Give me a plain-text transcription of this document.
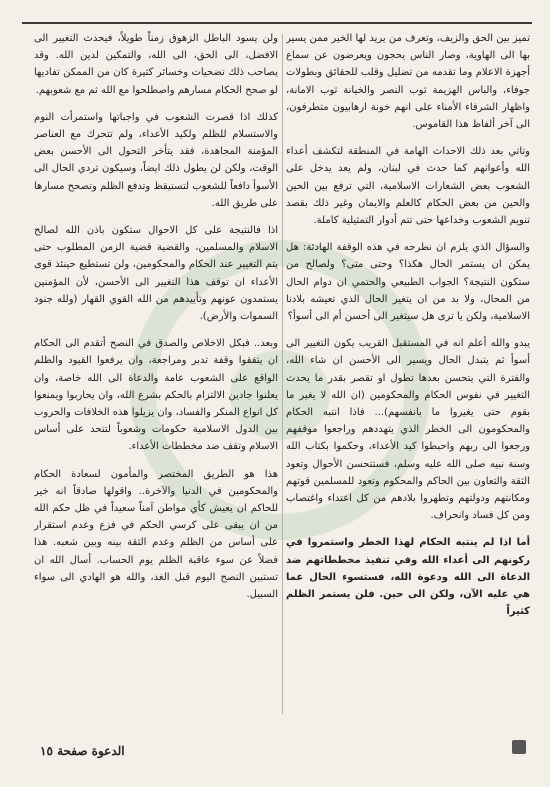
تميز بين الحق والزيف، وتعرف من يريد لها الخير ممن يسير بها الى الهاوية، وصار الناس يحجون ويعرضون عن سماع أجهزة الاعلام وما تقدمه من تضليل وقلب للحقائق وبطولات جوفاء، والباس الهزيمة ثوب النصر والخيانة ثوب الامانة، واظهار الشرفاء الأمناء على انهم خونة ارهابيون متطرفون، الى آخر ألفاظ هذا القاموس.

وتاتي بعد ذلك الاحداث الهامة في المنطقة لتكشف أعداء الله وأعوانهم كما حدث في لبنان، ولم يعد يدخل على الشعوب بعض الشعارات الاسلامية، التي ترفع بين الحين والحين من بعض الحكام كالعلم والايمان وغير ذلك بقصد تنويم الشعوب وخداعها حتى تتم أدوار التمثيلية كاملة.

والسؤال الذي يلزم ان نطرحه في هذه الوقفة الهادئة: هل يمكن ان يستمر الحال هكذا؟ وحتى متى؟ ولصالح من ستكون النتيجة؟ الجواب الطبيعي والحتمي ان دوام الحال من المحال، ولا بد من ان يتغير الحال الذي تعيشه بلادنا الاسلامية، ولكن يا ترى هل سيتغير الى أحسن أم الى أسوأ؟

يبدو والله أعلم انه في المستقبل القريب يكون التغيير الى أسوأ ثم يتبدل الحال ويسير الى الأحسن ان شاء الله، والفترة التي يتحسن بعدها تطول او تقصر بقدر ما يحدث التغيير في نفوس الحكام والمحكومين (ان الله لا يغير ما بقوم حتى يغيروا ما بانفسهم)... فاذا انتبه الحكام والمحكومون الى الخطر الذي يتهددهم وراجعوا موقفهم ورجعوا الى ربهم واحبطوا كيد الأعداء، وحكموا بكتاب الله وسنة نبيه صلى الله عليه وسلم، فستتحسن الأحوال وتعود الثقة والتعاون بين الحاكم والمحكوم وتعود للمسلمين قوتهم ومكانتهم ودولتهم وتطهروا بلادهم من كل اعتداء واغتصاب ومن كل فساد وانحراف.

أما اذا لم ينتبه الحكام لهذا الخطر واستمروا في ركونهم الى أعداء الله وفي تنفيذ مخططاتهم ضد الدعاة الى الله ودعوة الله، فستسوء الحال عما هي عليه الآن، ولكن الى حين. فلن يستمر الظلم كثيراً

ولن يسود الباطل الزهوق زمناً طويلاً، فيحدث التغيير الى الافضل، الى الحق، الى الله، والتمكين لدين الله. وقد يصاحب ذلك تضحيات وخسائر كثيرة كان من الممكن تفاديها لو صحح الحكام مسارهم واصطلحوا مع الله ثم مع شعوبهم.

كذلك اذا قصرت الشعوب في واجباتها واستمرأت النوم والاستسلام للظلم ولكيد الأعداء، ولم تتحرك مع العناصر المؤمنة المجاهدة، فقد يتأخر التحول الى الأحسن بعض الوقت، ولكن لن يطول ذلك ايضاً، وسيكون تردي الحال الى الأسوأ دافعاً للشعوب لتستيقظ وتدفع الظلم وتصحح مسارها على طريق الله.

اذا فالنتيجة على كل الاحوال ستكون باذن الله لصالح الاسلام والمسلمين، والقضية قضية الزمن المطلوب حتى يتم التغيير عند الحكام والمحكومين، ولن تستطيع حينئذ قوى الأعداء ان توقف هذا التغيير الى الأحسن، لأن المؤمنين يستمدون عونهم وتأييدهم من الله القوي القهار (ولله جنود السموات والأرض).

وبعد.. فبكل الاخلاص والصدق في النصح أتقدم الى الحكام ان يتفقوا وقفة تدبر ومراجعة، وان يرفعوا القيود والظلم الواقع على الشعوب عامة والدعاة الى الله خاصة، وان يعلنوا جادين الالتزام بالحكم بشرع الله، وان يحاربوا ويمنعوا كل انواع المنكر والفساد، وان يزيلوا هذه الخلافات والحروب بين الدول الاسلامية حكومات وشعوباً لتتحد على أساس الاسلام وتقف ضد مخططات الأعداء.

هذا هو الطريق المختصر والمأمون لسعادة الحكام والمحكومين في الدنيا والآخرة.. واقولها صادقاً انه خير للحاكم ان يعيش كأي مواطن آمناً سعيداً في ظل حكم الله من ان يبقى على كرسي الحكم في فزع وعدم استقرار على أساس من الظلم وعدم الثقة بينه وبين شعبه. هذا فضلاً عن سوء عاقبة الظلم يوم الحساب. أسال الله ان تستبين النصح اليوم قبل الغد، والله هو الهادي الى سواء السبيل.

الدعوة صفحة ١٥
